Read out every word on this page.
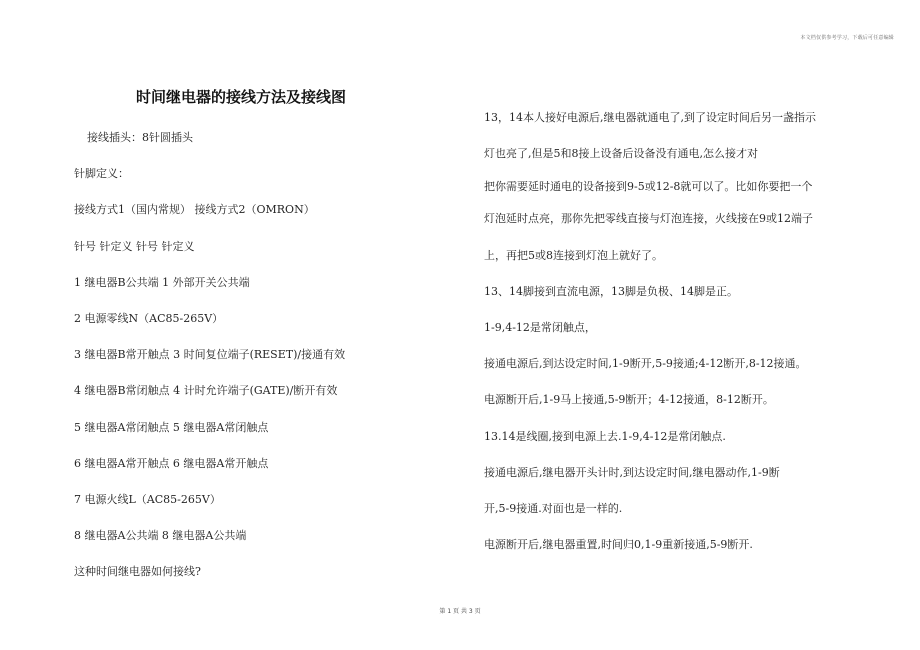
本文档仅供参考学习，下载后可任意编辑
时间继电器的接线方法及接线图
接线插头：8针圆插头
针脚定义：
接线方式1（国内常规） 接线方式2（OMRON）
针号 针定义 针号 针定义
1 继电器B公共端 1 外部开关公共端
2 电源零线N（AC85-265V）
3 继电器B常开触点 3 时间复位端子(RESET)/接通有效
4 继电器B常闭触点 4 计时允许端子(GATE)/断开有效
5 继电器A常闭触点 5 继电器A常闭触点
6 继电器A常开触点 6 继电器A常开触点
7 电源火线L（AC85-265V）
8 继电器A公共端 8 继电器A公共端
这种时间继电器如何接线?
13，14本人接好电源后,继电器就通电了,到了设定时间后另一盏指示
灯也亮了,但是5和8接上设备后设备没有通电,怎么接才对
把你需要延时通电的设备接到9-5或12-8就可以了。比如你要把一个
灯泡延时点亮，那你先把零线直接与灯泡连接，火线接在9或12端子
上，再把5或8连接到灯泡上就好了。
13、14脚接到直流电源，13脚是负极、14脚是正。
1-9,4-12是常闭触点，
接通电源后,到达设定时间,1-9断开,5-9接通;4-12断开,8-12接通。
电源断开后,1-9马上接通,5-9断开；4-12接通，8-12断开。
13.14是线圈,接到电源上去.1-9,4-12是常闭触点.
接通电源后,继电器开头计时,到达设定时间,继电器动作,1-9断
开,5-9接通.对面也是一样的.
电源断开后,继电器重置,时间归0,1-9重新接通,5-9断开.
第 1 页 共 3 页
